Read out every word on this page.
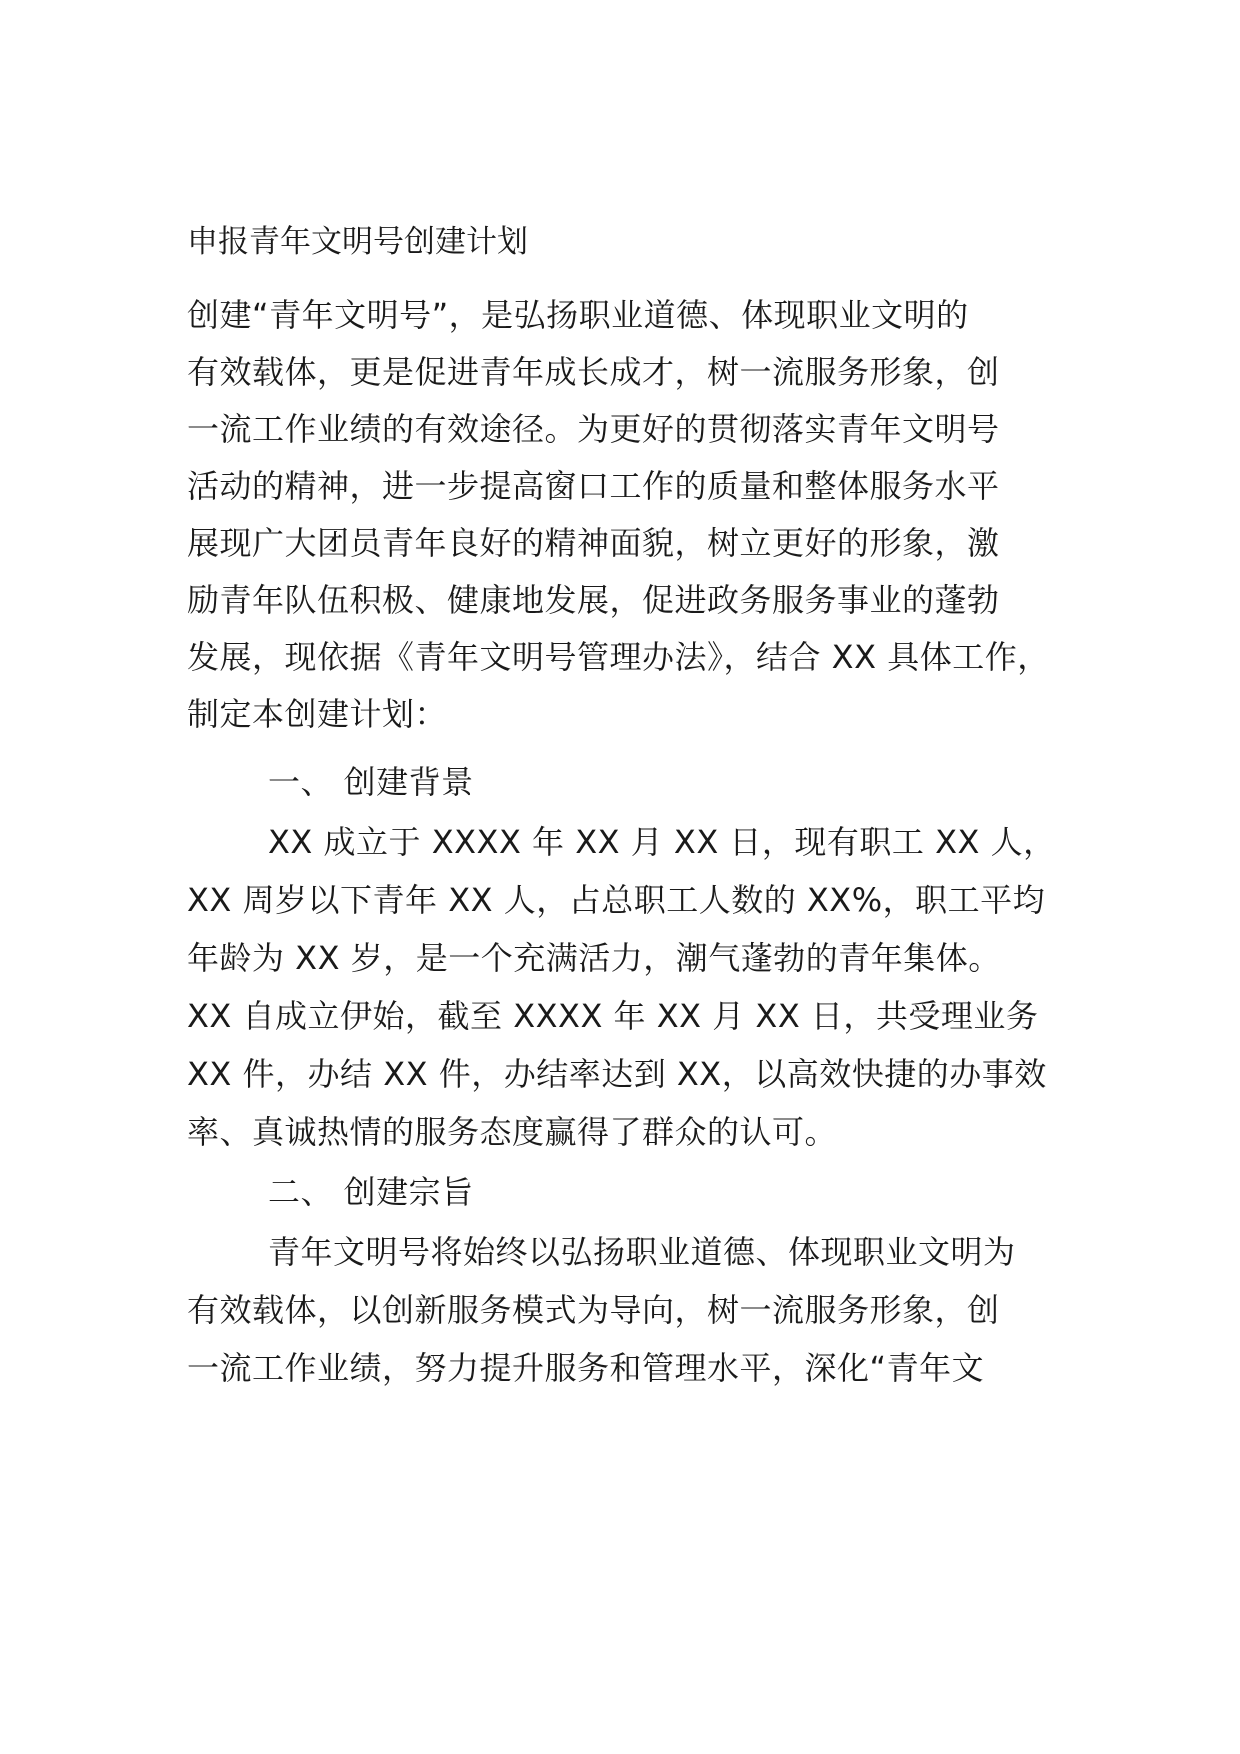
申报青年文明号创建计划
创建“青年文明号”，是弘扬职业道德、体现职业文明的
有效载体，更是促进青年成长成才，树一流服务形象，创
一流工作业绩的有效途径。为更好的贯彻落实青年文明号
活动的精神，进一步提高窗口工作的质量和整体服务水平
展现广大团员青年良好的精神面貌，树立更好的形象，激
励青年队伍积极、健康地发展，促进政务服务事业的蓬勃
发展，现依据《青年文明号管理办法》，结合 XX 具体工作，
制定本创建计划：
一、 创建背景
XX 成立于 XXXX 年 XX 月 XX 日，现有职工 XX 人，
XX 周岁以下青年 XX 人，占总职工人数的 XX%，职工平均
年龄为 XX 岁，是一个充满活力，潮气蓬勃的青年集体。
XX 自成立伊始，截至 XXXX 年 XX 月 XX 日，共受理业务
XX 件，办结 XX 件，办结率达到 XX，以高效快捷的办事效
率、真诚热情的服务态度赢得了群众的认可。
二、 创建宗旨
青年文明号将始终以弘扬职业道德、体现职业文明为
有效载体，以创新服务模式为导向，树一流服务形象，创
一流工作业绩，努力提升服务和管理水平，深化“青年文
